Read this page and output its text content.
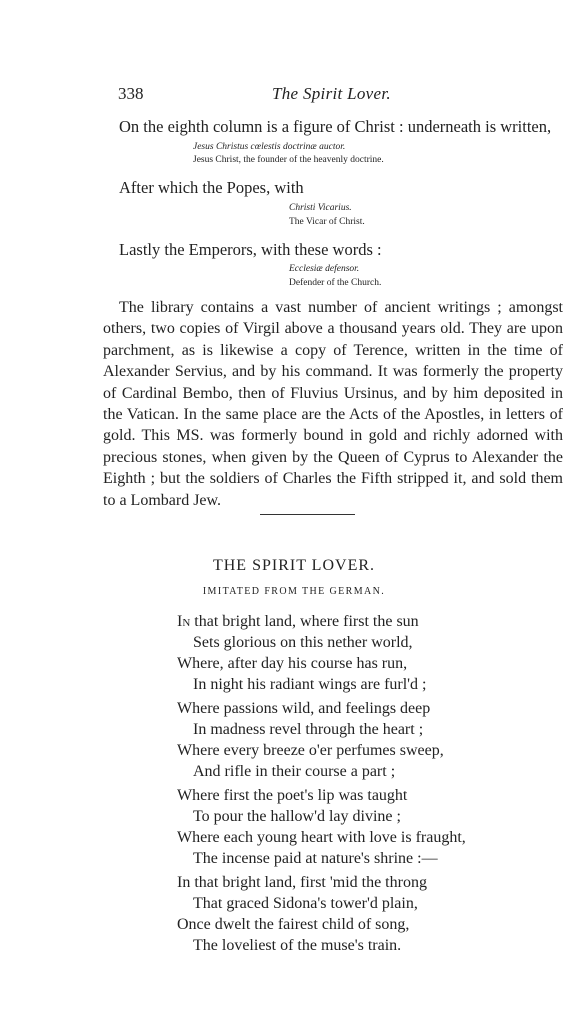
338	The Spirit Lover.
On the eighth column is a figure of Christ : underneath is written,
Jesus Christus cœlestis doctrinæ auctor.
Jesus Christ, the founder of the heavenly doctrine.
After which the Popes, with
Christi Vicarius.
The Vicar of Christ.
Lastly the Emperors, with these words :
Ecclesiæ defensor.
Defender of the Church.

The library contains a vast number of ancient writings ; amongst others, two copies of Virgil above a thousand years old. They are upon parchment, as is likewise a copy of Terence, written in the time of Alexander Servius, and by his command. It was formerly the property of Cardinal Bembo, then of Fluvius Ursinus, and by him deposited in the Vatican. In the same place are the Acts of the Apostles, in letters of gold. This MS. was formerly bound in gold and richly adorned with precious stones, when given by the Queen of Cyprus to Alexander the Eighth ; but the soldiers of Charles the Fifth stripped it, and sold them to a Lombard Jew.

THE SPIRIT LOVER.
IMITATED FROM THE GERMAN.
In that bright land, where first the sun
Sets glorious on this nether world,
Where, after day his course has run,
In night his radiant wings are furl'd ;
Where passions wild, and feelings deep
In madness revel through the heart ;
Where every breeze o'er perfumes sweep,
And rifle in their course a part ;
Where first the poet's lip was taught
To pour the hallow'd lay divine ;
Where each young heart with love is fraught,
The incense paid at nature's shrine :—
In that bright land, first 'mid the throng
That graced Sidona's tower'd plain,
Once dwelt the fairest child of song,
The loveliest of the muse's train.
